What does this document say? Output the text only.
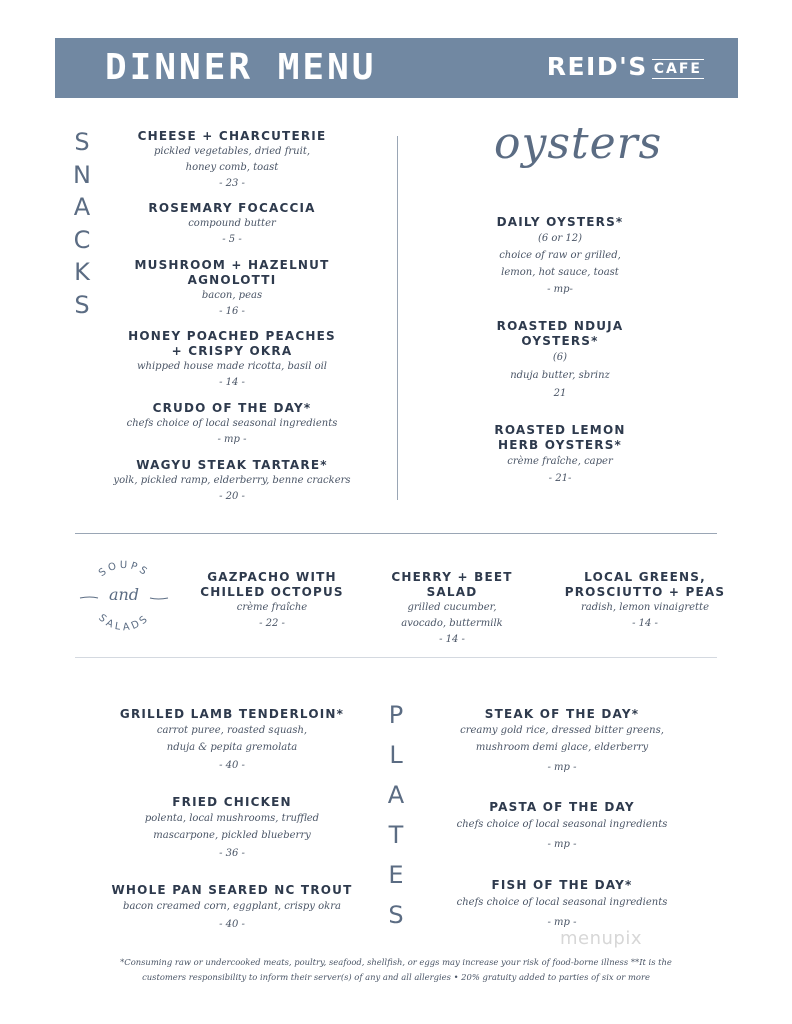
DINNER MENU	REID'S CAFE
S
N
A
C
K
S
CHEESE + CHARCUTERIE
pickled vegetables, dried fruit,
honey comb, toast
- 23 -
ROSEMARY FOCACCIA
compound butter
- 5 -
MUSHROOM + HAZELNUT AGNOLOTTI
bacon, peas
- 16 -
HONEY POACHED PEACHES + CRISPY OKRA
whipped house made ricotta, basil oil
- 14 -
CRUDO OF THE DAY*
chefs choice of local seasonal ingredients
- mp -
WAGYU STEAK TARTARE*
yolk, pickled ramp, elderberry, benne crackers
- 20 -
oysters
DAILY OYSTERS*
(6 or 12)
choice of raw or grilled,
lemon, hot sauce, toast
- mp-
ROASTED NDUJA OYSTERS*
(6)
nduja butter, sbrinz
21
ROASTED LEMON HERB OYSTERS*
crème fraîche, caper
- 21-
SOUPS
and
SALADS
GAZPACHO WITH CHILLED OCTOPUS
crème fraîche
- 22 -
CHERRY + BEET SALAD
grilled cucumber,
avocado, buttermilk
- 14 -
LOCAL GREENS, PROSCIUTTO + PEAS
radish, lemon vinaigrette
- 14 -
P
L
A
T
E
S
GRILLED LAMB TENDERLOIN*
carrot puree, roasted squash,
nduja & pepita gremolata
- 40 -
FRIED CHICKEN
polenta, local mushrooms, truffled
mascarpone, pickled blueberry
- 36 -
WHOLE PAN SEARED NC TROUT
bacon creamed corn, eggplant, crispy okra
- 40 -
STEAK OF THE DAY*
creamy gold rice, dressed bitter greens,
mushroom demi glace, elderberry
- mp -
PASTA OF THE DAY
chefs choice of local seasonal ingredients
- mp -
FISH OF THE DAY*
chefs choice of local seasonal ingredients
- mp -
menupix
*Consuming raw or undercooked meats, poultry, seafood, shellfish, or eggs may increase your risk of food-borne illness **It is the
customers responsibility to inform their server(s) of any and all allergies • 20% gratuity added to parties of six or more
